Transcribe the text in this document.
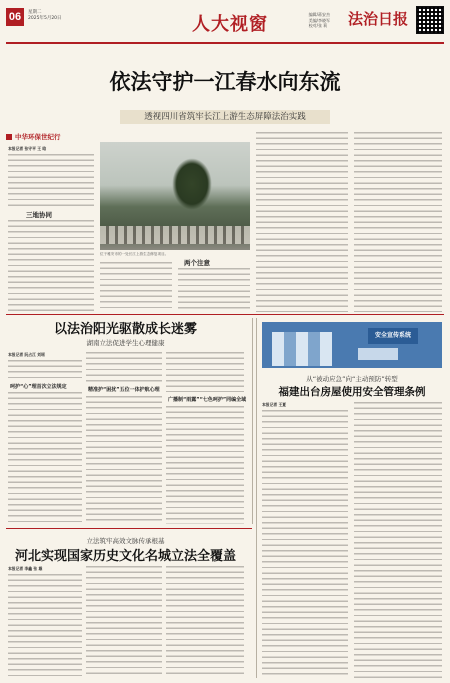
06	星期二
2025年5月20日	人大视窗	编辑/蒋安杰
美编/李晓军
校对/张 莉 法治日报
依法守护一江春水向东流
透视四川省筑牢长江上游生态屏障法治实践
中华环保世纪行
本报记者 张守平 王 晗
三地协同
位于雅安市的一处长江上游生态修复项目。
两个注意
以法治阳光驱散成长迷雾
湖南立法促进学生心理健康
本报记者 阮占江 刘瑶
呵护“心”理首次立法规定	精准护“困扰”五位一体护航心理
广播制“雨露”“七色呵护”同编全域
安全宣传系统
从“被动应急”向“主动预防”转型
福建出台房屋使用安全管理条例
本报记者 王夏
立法筑牢高效文脉传承根基
河北实现国家历史文化名城立法全覆盖
本报记者 李鑫 张 雄
